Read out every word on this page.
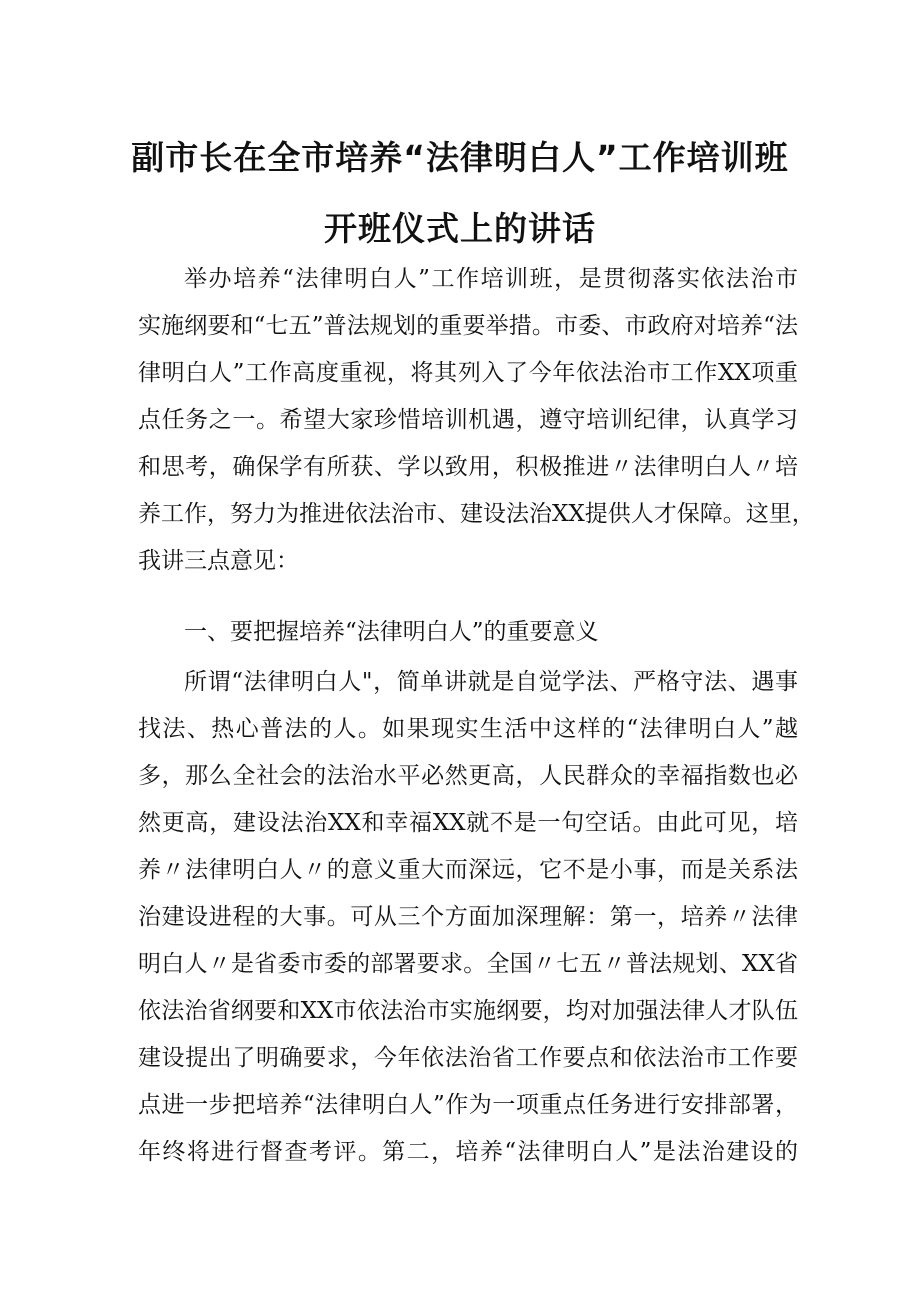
副市长在全市培养“法律明白人”工作培训班
开班仪式上的讲话
举办培养“法律明白人”工作培训班，是贯彻落实依法治市
实施纲要和“七五”普法规划的重要举措。市委、市政府对培养“法
律明白人”工作高度重视，将其列入了今年依法治市工作XX项重
点任务之一。希望大家珍惜培训机遇，遵守培训纪律，认真学习
和思考，确保学有所获、学以致用，积极推进〃法律明白人〃培
养工作，努力为推进依法治市、建设法治XX提供人才保障。这里，
我讲三点意见：
一、要把握培养“法律明白人”的重要意义
所谓“法律明白人"，简单讲就是自觉学法、严格守法、遇事
找法、热心普法的人。如果现实生活中这样的“法律明白人”越
多，那么全社会的法治水平必然更高，人民群众的幸福指数也必
然更高，建设法治XX和幸福XX就不是一句空话。由此可见，培
养〃法律明白人〃的意义重大而深远，它不是小事，而是关系法
治建设进程的大事。可从三个方面加深理解：第一，培养〃法律
明白人〃是省委市委的部署要求。全国〃七五〃普法规划、XX省
依法治省纲要和XX市依法治市实施纲要，均对加强法律人才队伍
建设提出了明确要求，今年依法治省工作要点和依法治市工作要
点进一步把培养“法律明白人”作为一项重点任务进行安排部署，
年终将进行督查考评。第二，培养“法律明白人”是法治建设的
